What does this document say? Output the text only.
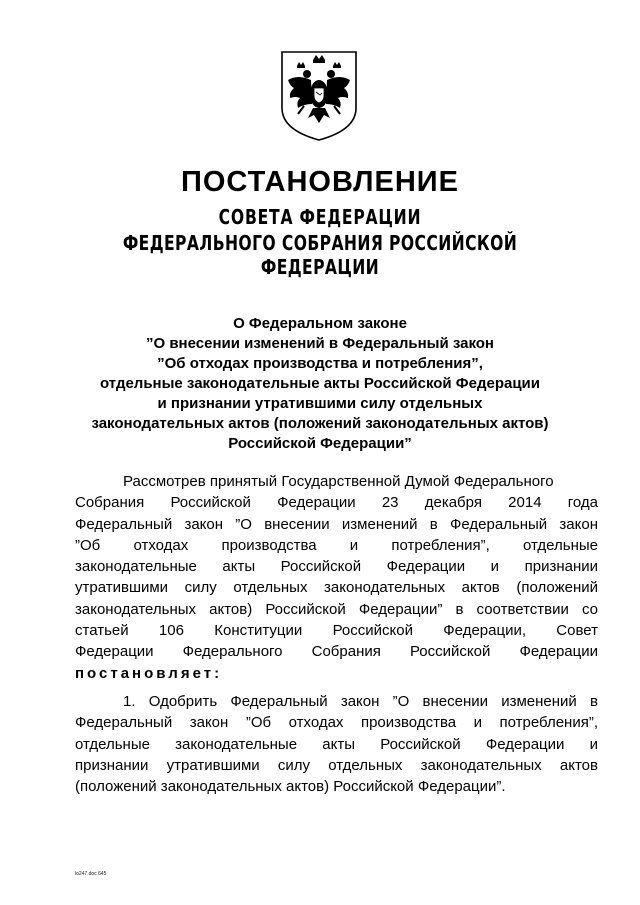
ПОСТАНОВЛЕНИЕ
СОВЕТА ФЕДЕРАЦИИ
ФЕДЕРАЛЬНОГО СОБРАНИЯ РОССИЙСКОЙ ФЕДЕРАЦИИ
О Федеральном законе
”О внесении изменений в Федеральный закон
”Об отходах производства и потребления”,
отдельные законодательные акты Российской Федерации
и признании утратившими силу отдельных
законодательных актов (положений законодательных актов)
Российской Федерации”
Рассмотрев принятый Государственной Думой Федерального
Собрания Российской Федерации 23 декабря 2014 года
Федеральный закон ”О внесении изменений в Федеральный закон
”Об отходах производства и потребления”, отдельные
законодательные акты Российской Федерации и признании
утратившими силу отдельных законодательных актов (положений
законодательных актов) Российской Федерации” в соответствии со
статьей 106 Конституции Российской Федерации, Совет
Федерации Федерального Собрания Российской Федерации
постановляет:
1. Одобрить Федеральный закон ”О внесении изменений в
Федеральный закон ”Об отходах производства и потребления”,
отдельные законодательные акты Российской Федерации и
признании утратившими силу отдельных законодательных актов
(положений законодательных актов) Российской Федерации”.
lo247.doc 645
